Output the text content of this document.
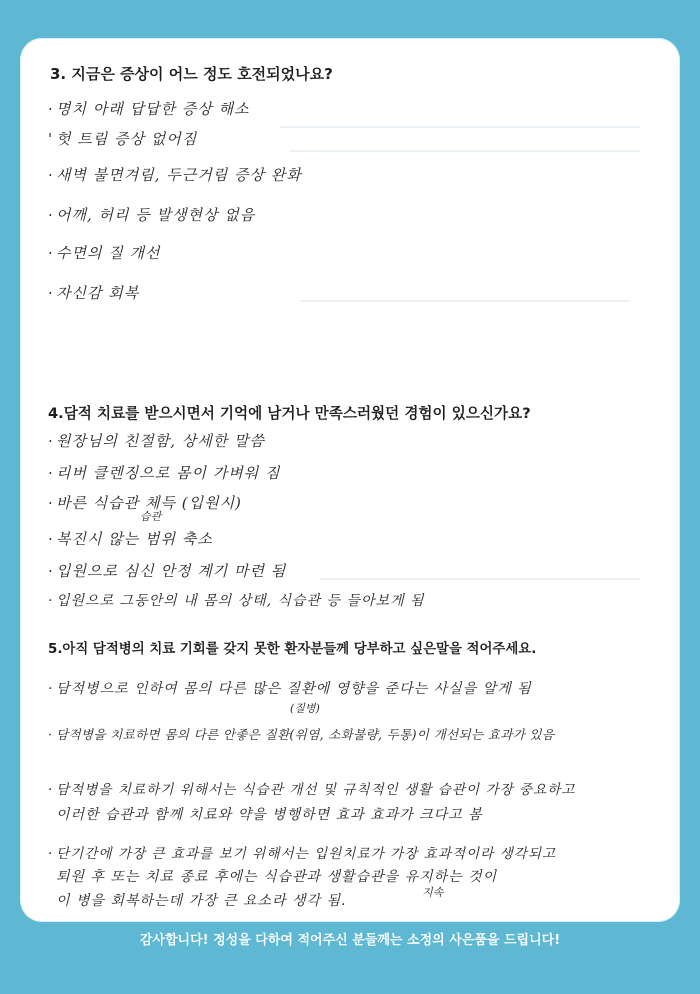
3. 지금은 증상이 어느 정도 호전되었나요?
· 명치 아래 답답한 증상 해소
' 헛 트림 증상 없어짐
· 새벽 불면겨림, 두근거림 증상 완화
· 어깨, 허리 등 발생현상 없음
· 수면의 질 개선
· 자신감 회복
4.담적 치료를 받으시면서 기억에 남거나 만족스러웠던 경험이 있으신가요?
· 원장님의 친절함, 상세한 말씀
· 리버 클렌징으로 몸이 가벼워 짐
습관
· 바른 식습관 체득 (입원시)
· 복진시 않는 범위 축소
· 입원으로 심신 안정 계기 마련 됨
· 입원으로 그동안의 내 몸의 상태, 식습관 등 들아보게 됨
5.아직 담적병의 치료 기회를 갖지 못한 환자분들께 당부하고 싶은말을 적어주세요.
· 담적병으로 인하여 몸의 다른 많은 질환에 영향을 준다는 사실을 알게 됨
(질병)
· 담적병을 치료하면 몸의 다른 안좋은 질환(위염, 소화불량, 두통)이 개선되는 효과가 있음
· 담적병을 치료하기 위해서는 식습관 개선 및 규칙적인 생활 습관이 가장 중요하고
이러한 습관과 함께 치료와 약을 병행하면 효과 효과가 크다고 봄
· 단기간에 가장 큰 효과를 보기 위해서는 입원치료가 가장 효과적이라 생각되고
퇴원 후 또는 치료 종료 후에는 식습관과 생활습관을 유지하는 것이
지속
이 병을 회복하는데 가장 큰 요소라 생각 됨.
감사합니다! 정성을 다하여 적어주신 분들께는 소정의 사은품을 드립니다!
